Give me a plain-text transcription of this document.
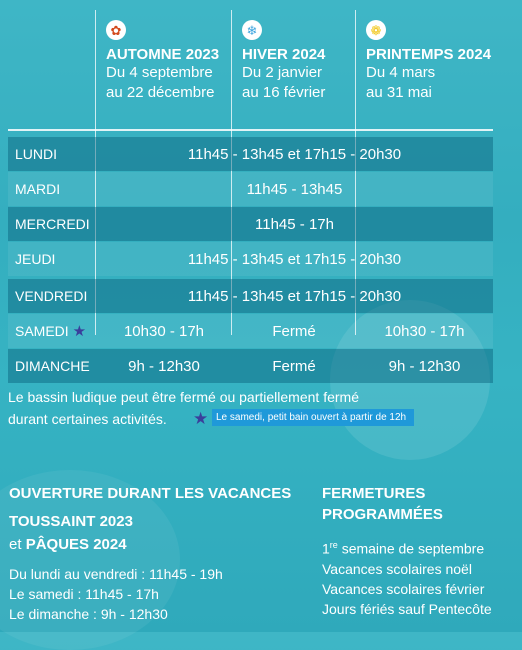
✿
AUTOMNE 2023
Du 4 septembre
au 22 décembre
❄
HIVER 2024
Du 2 janvier
au 16 février
❁
PRINTEMPS 2024
Du 4 mars
au 31 mai
LUNDI	11h45 - 13h45 et 17h15 - 20h30
MARDI	11h45 - 13h45
MERCREDI	11h45 - 17h
JEUDI	11h45 - 13h45 et 17h15 - 20h30
VENDREDI	11h45 - 13h45 et 17h15 - 20h30
SAMEDI ★	10h30 - 17h	Fermé	10h30 - 17h
DIMANCHE	9h - 12h30	Fermé	9h - 12h30
Le bassin ludique peut être fermé ou partiellement fermé
durant certaines activités.	★ Le samedi, petit bain ouvert à partir de 12h
OUVERTURE DURANT LES VACANCES
TOUSSAINT 2023
et PÂQUES 2024
Du lundi au vendredi : 11h45 - 19h
Le samedi : 11h45 - 17h
Le dimanche : 9h - 12h30
FERMETURES
PROGRAMMÉES
1re semaine de septembre
Vacances scolaires noël
Vacances scolaires février
Jours fériés sauf Pentecôte
